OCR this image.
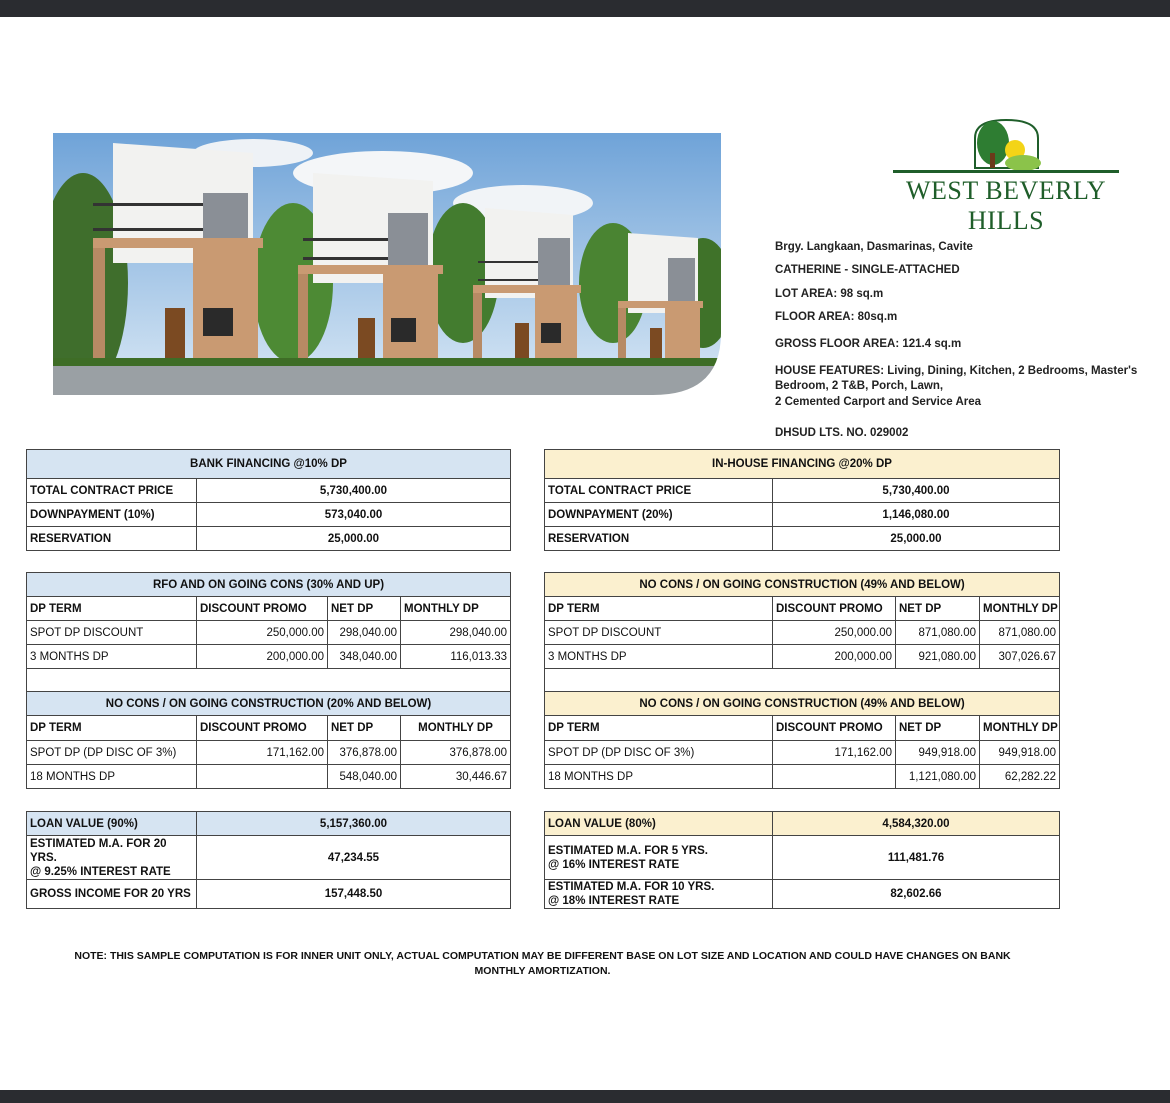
WEST BEVERLY HILLS

Brgy. Langkaan, Dasmarinas, Cavite

CATHERINE - SINGLE-ATTACHED

LOT AREA: 98 sq.m

FLOOR AREA: 80sq.m

GROSS FLOOR AREA: 121.4 sq.m

HOUSE FEATURES: Living, Dining, Kitchen, 2 Bedrooms, Master's

Bedroom, 2 T&B, Porch, Lawn,

2 Cemented Carport and Service Area

DHSUD LTS. NO. 029002

BANK FINANCING @10% DP	
TOTAL CONTRACT PRICE	5,730,400.00
DOWNPAYMENT (10%)	573,040.00
RESERVATION	25,000.00
IN-HOUSE FINANCING @20% DP	
TOTAL CONTRACT PRICE	5,730,400.00
DOWNPAYMENT (20%)	1,146,080.00
RESERVATION	25,000.00
RFO AND ON GOING CONS (30% AND UP)			
DP TERM	DISCOUNT PROMO	NET DP	MONTHLY DP
SPOT DP DISCOUNT	250,000.00	298,040.00	298,040.00
3 MONTHS DP	200,000.00	348,040.00	116,013.33

NO CONS / ON GOING CONSTRUCTION (20% AND BELOW)			
DP TERM	DISCOUNT PROMO	NET DP	MONTHLY DP
SPOT DP (DP DISC OF 3%)	171,162.00	376,878.00	376,878.00
18 MONTHS DP		548,040.00	30,446.67
NO CONS / ON GOING CONSTRUCTION (49% AND BELOW)			
DP TERM	DISCOUNT PROMO	NET DP	MONTHLY DP
SPOT DP DISCOUNT	250,000.00	871,080.00	871,080.00
3 MONTHS DP	200,000.00	921,080.00	307,026.67

NO CONS / ON GOING CONSTRUCTION (49% AND BELOW)			
DP TERM	DISCOUNT PROMO	NET DP	MONTHLY DP
SPOT DP (DP DISC OF 3%)	171,162.00	949,918.00	949,918.00
18 MONTHS DP		1,121,080.00	62,282.22
LOAN VALUE (90%)	5,157,360.00
ESTIMATED M.A. FOR 20
YRS.
@ 9.25% INTEREST RATE	47,234.55
GROSS INCOME FOR 20 YRS	157,448.50
LOAN VALUE (80%)	4,584,320.00
ESTIMATED M.A. FOR 5 YRS.
@ 16% INTEREST RATE	111,481.76
ESTIMATED M.A. FOR 10 YRS.
@ 18% INTEREST RATE	82,602.66
NOTE: THIS SAMPLE COMPUTATION IS FOR INNER UNIT ONLY, ACTUAL COMPUTATION MAY BE DIFFERENT BASE ON LOT SIZE AND LOCATION AND COULD HAVE CHANGES ON BANK
MONTHLY AMORTIZATION.
